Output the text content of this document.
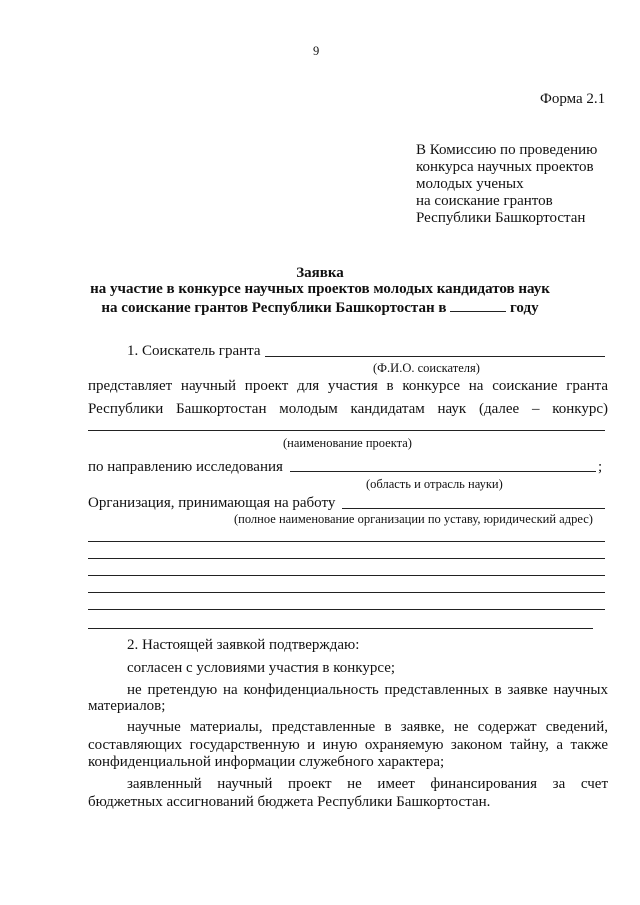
9
Форма 2.1
В Комиссию по проведению
конкурса научных проектов
молодых ученых
на соискание грантов
Республики Башкортостан
Заявка
на участие в конкурсе научных проектов молодых кандидатов наук
на соискание грантов Республики Башкортостан в	году
1. Соискатель гранта
(Ф.И.О. соискателя)
представляет научный проект для участия в конкурсе на соискание гранта
Республики Башкортостан молодым кандидатам наук (далее – конкурс)
(наименование проекта)
по направлению исследования	;
(область и отрасль науки)
Организация, принимающая на работу
(полное наименование организации по уставу, юридический адрес)
2. Настоящей заявкой подтверждаю:
согласен с условиями участия в конкурсе;
не претендую на конфиденциальность представленных в заявке научных
материалов;
научные материалы, представленные в заявке, не содержат сведений,
составляющих государственную и иную охраняемую законом тайну, а также
конфиденциальной информации служебного характера;
заявленный научный проект не имеет финансирования за счет
бюджетных ассигнований бюджета Республики Башкортостан.
